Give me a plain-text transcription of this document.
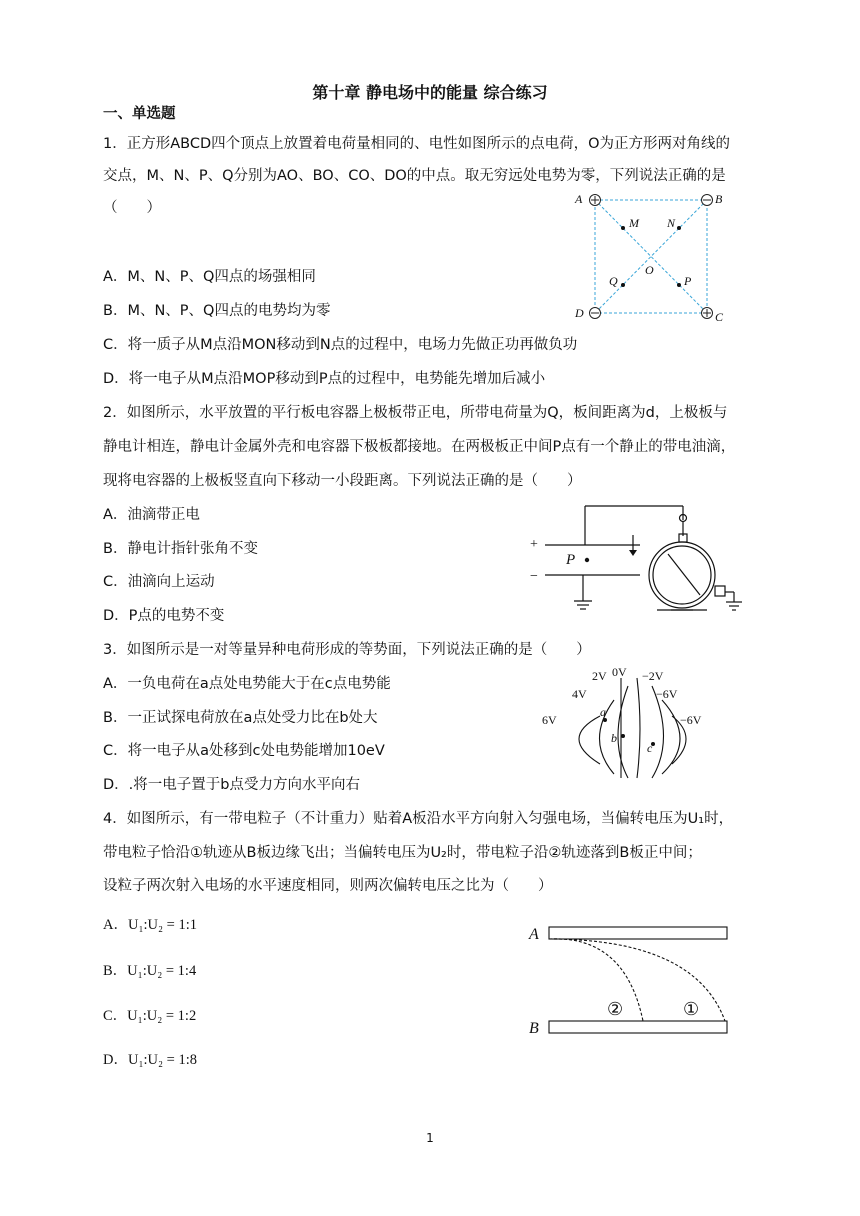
第十章 静电场中的能量 综合练习
一、单选题
1．正方形ABCD四个顶点上放置着电荷量相同的、电性如图所示的点电荷，O为正方形两对角线的
交点，M、N、P、Q分别为AO、BO、CO、DO的中点。取无穷远处电势为零，下列说法正确的是
（　　）
A．M、N、P、Q四点的场强相同
B．M、N、P、Q四点的电势均为零
C．将一质子从M点沿MON移动到N点的过程中，电场力先做正功再做负功
D．将一电子从M点沿MOP移动到P点的过程中，电势能先增加后减小
A	B
C
D
O
M N
P
Q
2．如图所示，水平放置的平行板电容器上极板带正电，所带电荷量为Q，板间距离为d，上极板与
静电计相连，静电计金属外壳和电容器下极板都接地。在两极板正中间P点有一个静止的带电油滴，
现将电容器的上极板竖直向下移动一小段距离。下列说法正确的是（　　）
A．油滴带正电
B．静电计指针张角不变
C．油滴向上运动
D．P点的电势不变
+
−
P
3．如图所示是一对等量异种电荷形成的等势面，下列说法正确的是（　　）
A．一负电荷在a点处电势能大于在c点电势能
B．一正试探电荷放在a点处受力比在b处大
C．将一电子从a处移到c处电势能增加10eV
D．.将一电子置于b点受力方向水平向右
2V 0V −2V
4V	−6V
6V	−6V
a
b
c
4．如图所示，有一带电粒子（不计重力）贴着A板沿水平方向射入匀强电场，当偏转电压为U₁时，
带电粒子恰沿①轨迹从B板边缘飞出；当偏转电压为U₂时，带电粒子沿②轨迹落到B板正中间；
设粒子两次射入电场的水平速度相同，则两次偏转电压之比为（　　）
A．U₁:U₂ = 1:1
B．U₁:U₂ = 1:4
C．U₁:U₂ = 1:2
D．U₁:U₂ = 1:8
A
B
②	①
1
